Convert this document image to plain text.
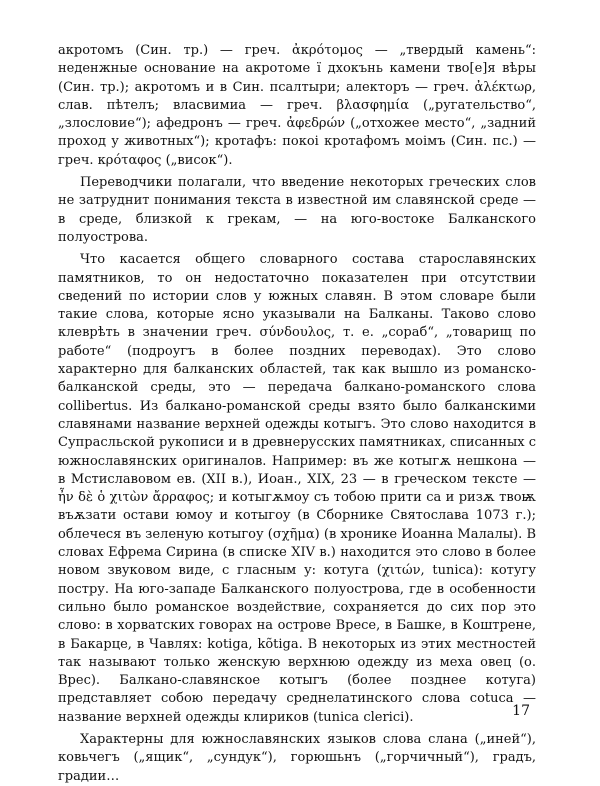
акротомъ (Син. тр.) — греч. ἀκρότομος — „твердый камень“: неденжные основание на акротоме ї дхокънь камени тво[е]я вѣры (Син. тр.); акротомъ и в Син. псалтыри; алекторъ — греч. ἀλέκτωρ, слав. пѣтелъ; власвимиа — греч. βλασφημία („ругательство“, „злословие“); афедронъ — греч. ἀφεδρών („отхожее место“, „задний проход у животных“); кротафъ: покоі кротафомъ моімъ (Син. пс.) — греч. κρόταφος („висок“).

Переводчики полагали, что введение некоторых греческих слов не затруднит понимания текста в известной им славянской среде — в среде, близкой к грекам, — на юго-востоке Балканского полуострова.

Что касается общего словарного состава старославянских памятников, то он недостаточно показателен при отсутствии сведений по истории слов у южных славян. В этом словаре были такие слова, которые ясно указывали на Балканы. Таково слово клеврѣть в значении греч. σύνδουλος, т. е. „сораб“, „товарищ по работе“ (подроугъ в более поздних переводах). Это слово характерно для балканских областей, так как вышло из романско-балканской среды, это — передача балкано-романского слова collibertus. Из балкано-романской среды взято было балканскими славянами название верхней одежды котыгъ. Это слово находится в Супрасльской рукописи и в древнерусских памятниках, списанных с южнославянских оригиналов. Например: въ же котыгѫ нешкона — в Мстиславовом ев. (XII в.), Иоан., XIX, 23 — в греческом тексте — ἦν δὲ ὁ χιτὼν ἄρραφος; и котыгѫмоу съ тобою прити са и ризѫ твоѭ въѫзати остави юмоу и котыгоу (в Сборнике Святослава 1073 г.); облечеся въ зеленую котыгоу (σχῆμα) (в хронике Иоанна Малалы). В словах Ефрема Сирина (в списке XIV в.) находится это слово в более новом звуковом виде, с гласным у: котуга (χιτών, tunica): котугу постру. На юго-западе Балканского полуострова, где в особенности сильно было романское воздействие, сохраняется до сих пор это слово: в хорватских говорах на острове Вресе, в Башке, в Коштрене, в Бакарце, в Чавлях: kotiga, kõtiga. В некоторых из этих местностей так называют только женскую верхнюю одежду из меха овец (о. Врес). Балкано-славянское котыгъ (более позднее котуга) представляет собою передачу среднелатинского слова cotuca — название верхней одежды клириков (tunica clerici).

Характерны для южнославянских языков слова слана („иней“), ковьчегъ („ящик“, „сундук“), горюшьнъ („горчичный“), градъ, градии…

17
